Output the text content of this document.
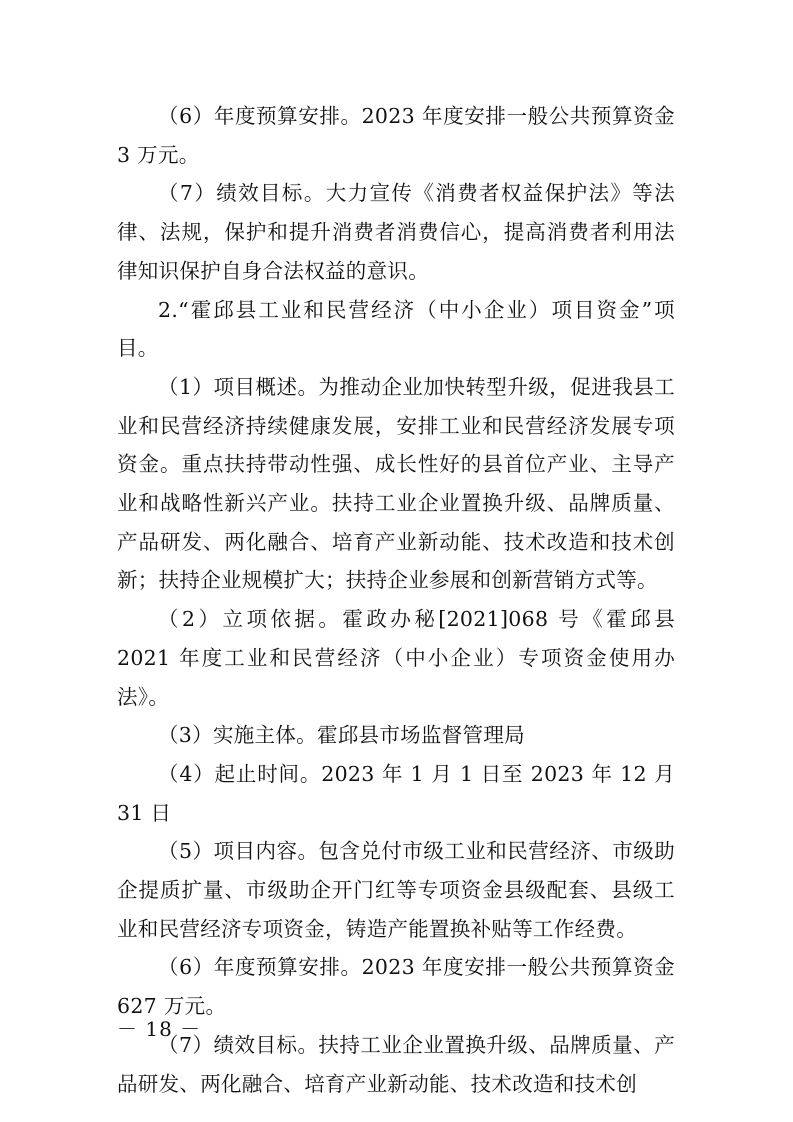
（6）年度预算安排。2023 年度安排一般公共预算资金 3 万元。

（7）绩效目标。大力宣传《消费者权益保护法》等法律、法规，保护和提升消费者消费信心，提高消费者利用法律知识保护自身合法权益的意识。

2.“霍邱县工业和民营经济（中小企业）项目资金”项目。

（1）项目概述。为推动企业加快转型升级，促进我县工业和民营经济持续健康发展，安排工业和民营经济发展专项资金。重点扶持带动性强、成长性好的县首位产业、主导产业和战略性新兴产业。扶持工业企业置换升级、品牌质量、产品研发、两化融合、培育产业新动能、技术改造和技术创新；扶持企业规模扩大；扶持企业参展和创新营销方式等。

（2）立项依据。霍政办秘[2021]068 号《霍邱县 2021 年度工业和民营经济（中小企业）专项资金使用办法》。

（3）实施主体。霍邱县市场监督管理局

（4）起止时间。2023 年 1 月 1 日至 2023 年 12 月 31 日

（5）项目内容。包含兑付市级工业和民营经济、市级助企提质扩量、市级助企开门红等专项资金县级配套、县级工业和民营经济专项资金，铸造产能置换补贴等工作经费。

（6）年度预算安排。2023 年度安排一般公共预算资金 627 万元。

（7）绩效目标。扶持工业企业置换升级、品牌质量、产品研发、两化融合、培育产业新动能、技术改造和技术创

－ 18 －
